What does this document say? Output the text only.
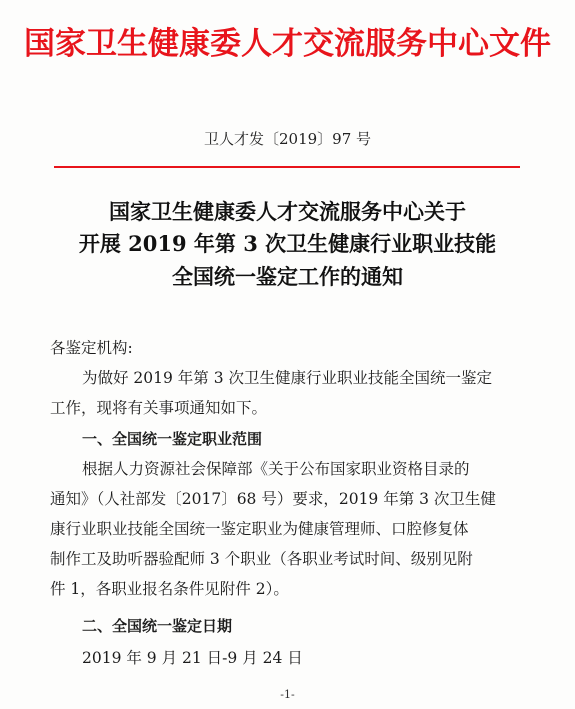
国家卫生健康委人才交流服务中心文件
卫人才发〔2019〕97 号
国家卫生健康委人才交流服务中心关于
开展 2019 年第 3 次卫生健康行业职业技能
全国统一鉴定工作的通知
各鉴定机构:
为做好 2019 年第 3 次卫生健康行业职业技能全国统一鉴定
工作，现将有关事项通知如下。
一、全国统一鉴定职业范围
根据人力资源社会保障部《关于公布国家职业资格目录的
通知》（人社部发〔2017〕68 号）要求，2019 年第 3 次卫生健
康行业职业技能全国统一鉴定职业为健康管理师、口腔修复体
制作工及助听器验配师 3 个职业（各职业考试时间、级别见附
件 1，各职业报名条件见附件 2）。
二、全国统一鉴定日期
2019 年 9 月 21 日-9 月 24 日
-1-
